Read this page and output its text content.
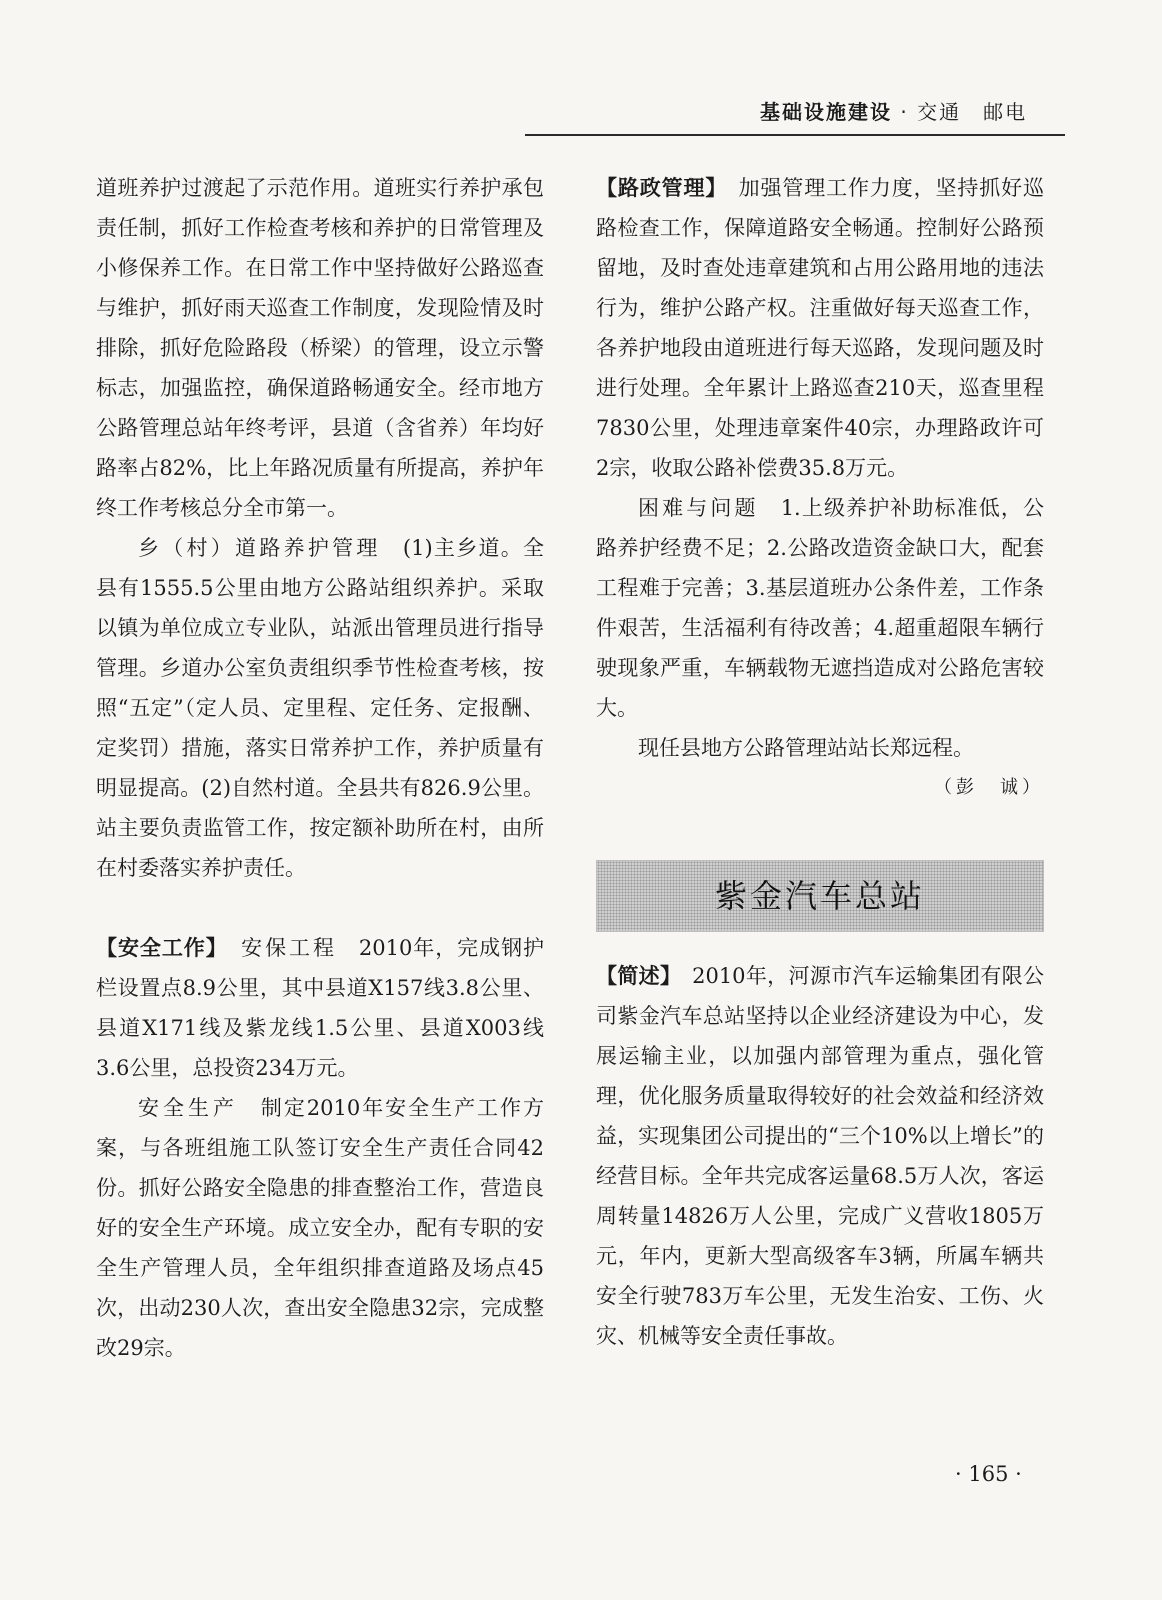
基础设施建设 · 交通　邮电

道班养护过渡起了示范作用。道班实行养护承包责任制，抓好工作检查考核和养护的日常管理及小修保养工作。在日常工作中坚持做好公路巡查与维护，抓好雨天巡查工作制度，发现险情及时排除，抓好危险路段（桥梁）的管理，设立示警标志，加强监控，确保道路畅通安全。经市地方公路管理总站年终考评，县道（含省养）年均好路率占82%，比上年路况质量有所提高，养护年终工作考核总分全市第一。

乡（村）道路养护管理　(1)主乡道。全县有1555.5公里由地方公路站组织养护。采取以镇为单位成立专业队，站派出管理员进行指导管理。乡道办公室负责组织季节性检查考核，按照“五定”（定人员、定里程、定任务、定报酬、定奖罚）措施，落实日常养护工作，养护质量有明显提高。(2)自然村道。全县共有826.9公里。站主要负责监管工作，按定额补助所在村，由所在村委落实养护责任。

【安全工作】　安保工程　2010年，完成钢护栏设置点8.9公里，其中县道X157线3.8公里、县道X171线及紫龙线1.5公里、县道X003线3.6公里，总投资234万元。

安全生产　制定2010年安全生产工作方案，与各班组施工队签订安全生产责任合同42份。抓好公路安全隐患的排查整治工作，营造良好的安全生产环境。成立安全办，配有专职的安全生产管理人员，全年组织排查道路及场点45次，出动230人次，查出安全隐患32宗，完成整改29宗。

【路政管理】　加强管理工作力度，坚持抓好巡路检查工作，保障道路安全畅通。控制好公路预留地，及时查处违章建筑和占用公路用地的违法行为，维护公路产权。注重做好每天巡查工作，各养护地段由道班进行每天巡路，发现问题及时进行处理。全年累计上路巡查210天，巡查里程7830公里，处理违章案件40宗，办理路政许可2宗，收取公路补偿费35.8万元。

困难与问题　1.上级养护补助标准低，公路养护经费不足；2.公路改造资金缺口大，配套工程难于完善；3.基层道班办公条件差，工作条件艰苦，生活福利有待改善；4.超重超限车辆行驶现象严重，车辆载物无遮挡造成对公路危害较大。

现任县地方公路管理站站长郑远程。

（彭　诚）

紫金汽车总站

【简述】　2010年，河源市汽车运输集团有限公司紫金汽车总站坚持以企业经济建设为中心，发展运输主业，以加强内部管理为重点，强化管理，优化服务质量取得较好的社会效益和经济效益，实现集团公司提出的“三个10%以上增长”的经营目标。全年共完成客运量68.5万人次，客运周转量14826万人公里，完成广义营收1805万元，年内，更新大型高级客车3辆，所属车辆共安全行驶783万车公里，无发生治安、工伤、火灾、机械等安全责任事故。

· 165 ·
